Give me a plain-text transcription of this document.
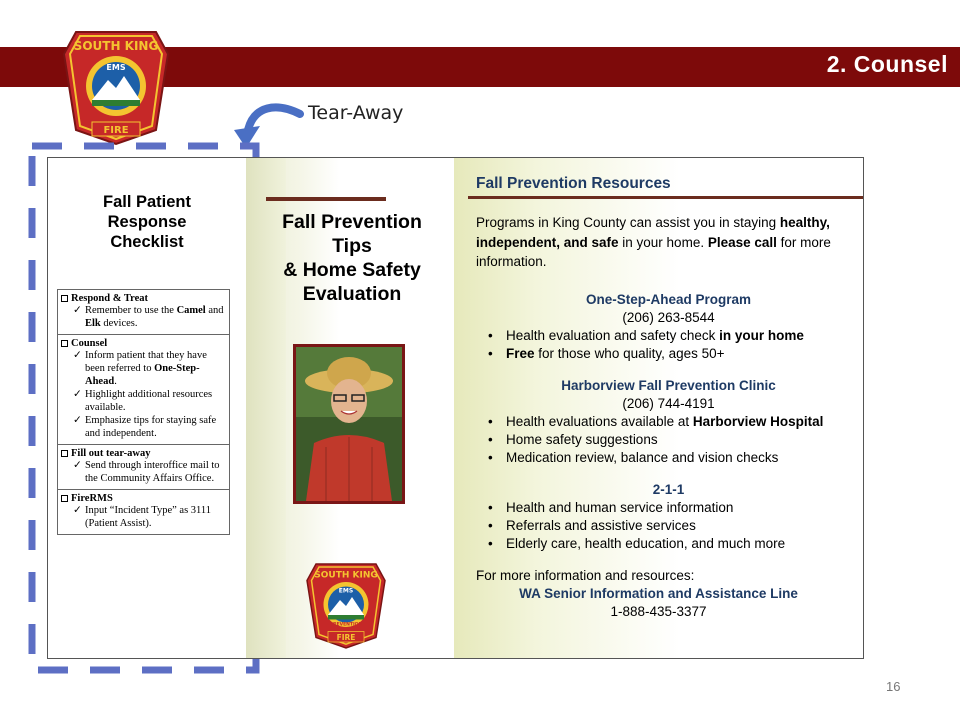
2. Counsel
SOUTH KING
EMS
FIRE
Tear-Away
Fall Patient
Response
Checklist
Respond & Treat
✓ Remember to use the Camel and Elk devices.
Counsel
✓ Inform patient that they have been referred to One-Step-Ahead.
✓ Highlight additional resources available.
✓ Emphasize tips for staying safe and independent.
Fill out tear-away
✓ Send through interoffice mail to the Community Affairs Office.
FireRMS
✓ Input “Incident Type” as 3111 (Patient Assist).
Fall Prevention
Tips
& Home Safety
Evaluation
SOUTH KING
EMS
PREVENTION
FIRE
Fall Prevention Resources
Programs in King County can assist you in staying healthy, independent, and safe in your home. Please call for more information.
One-Step-Ahead Program
(206) 263-8544
• Health evaluation and safety check in your home
• Free for those who quality, ages 50+
Harborview Fall Prevention Clinic
(206) 744-4191
• Health evaluations available at Harborview Hospital
• Home safety suggestions
• Medication review, balance and vision checks
2-1-1
• Health and human service information
• Referrals and assistive services
• Elderly care, health education, and much more
For more information and resources:
WA Senior Information and Assistance Line
1-888-435-3377
16
